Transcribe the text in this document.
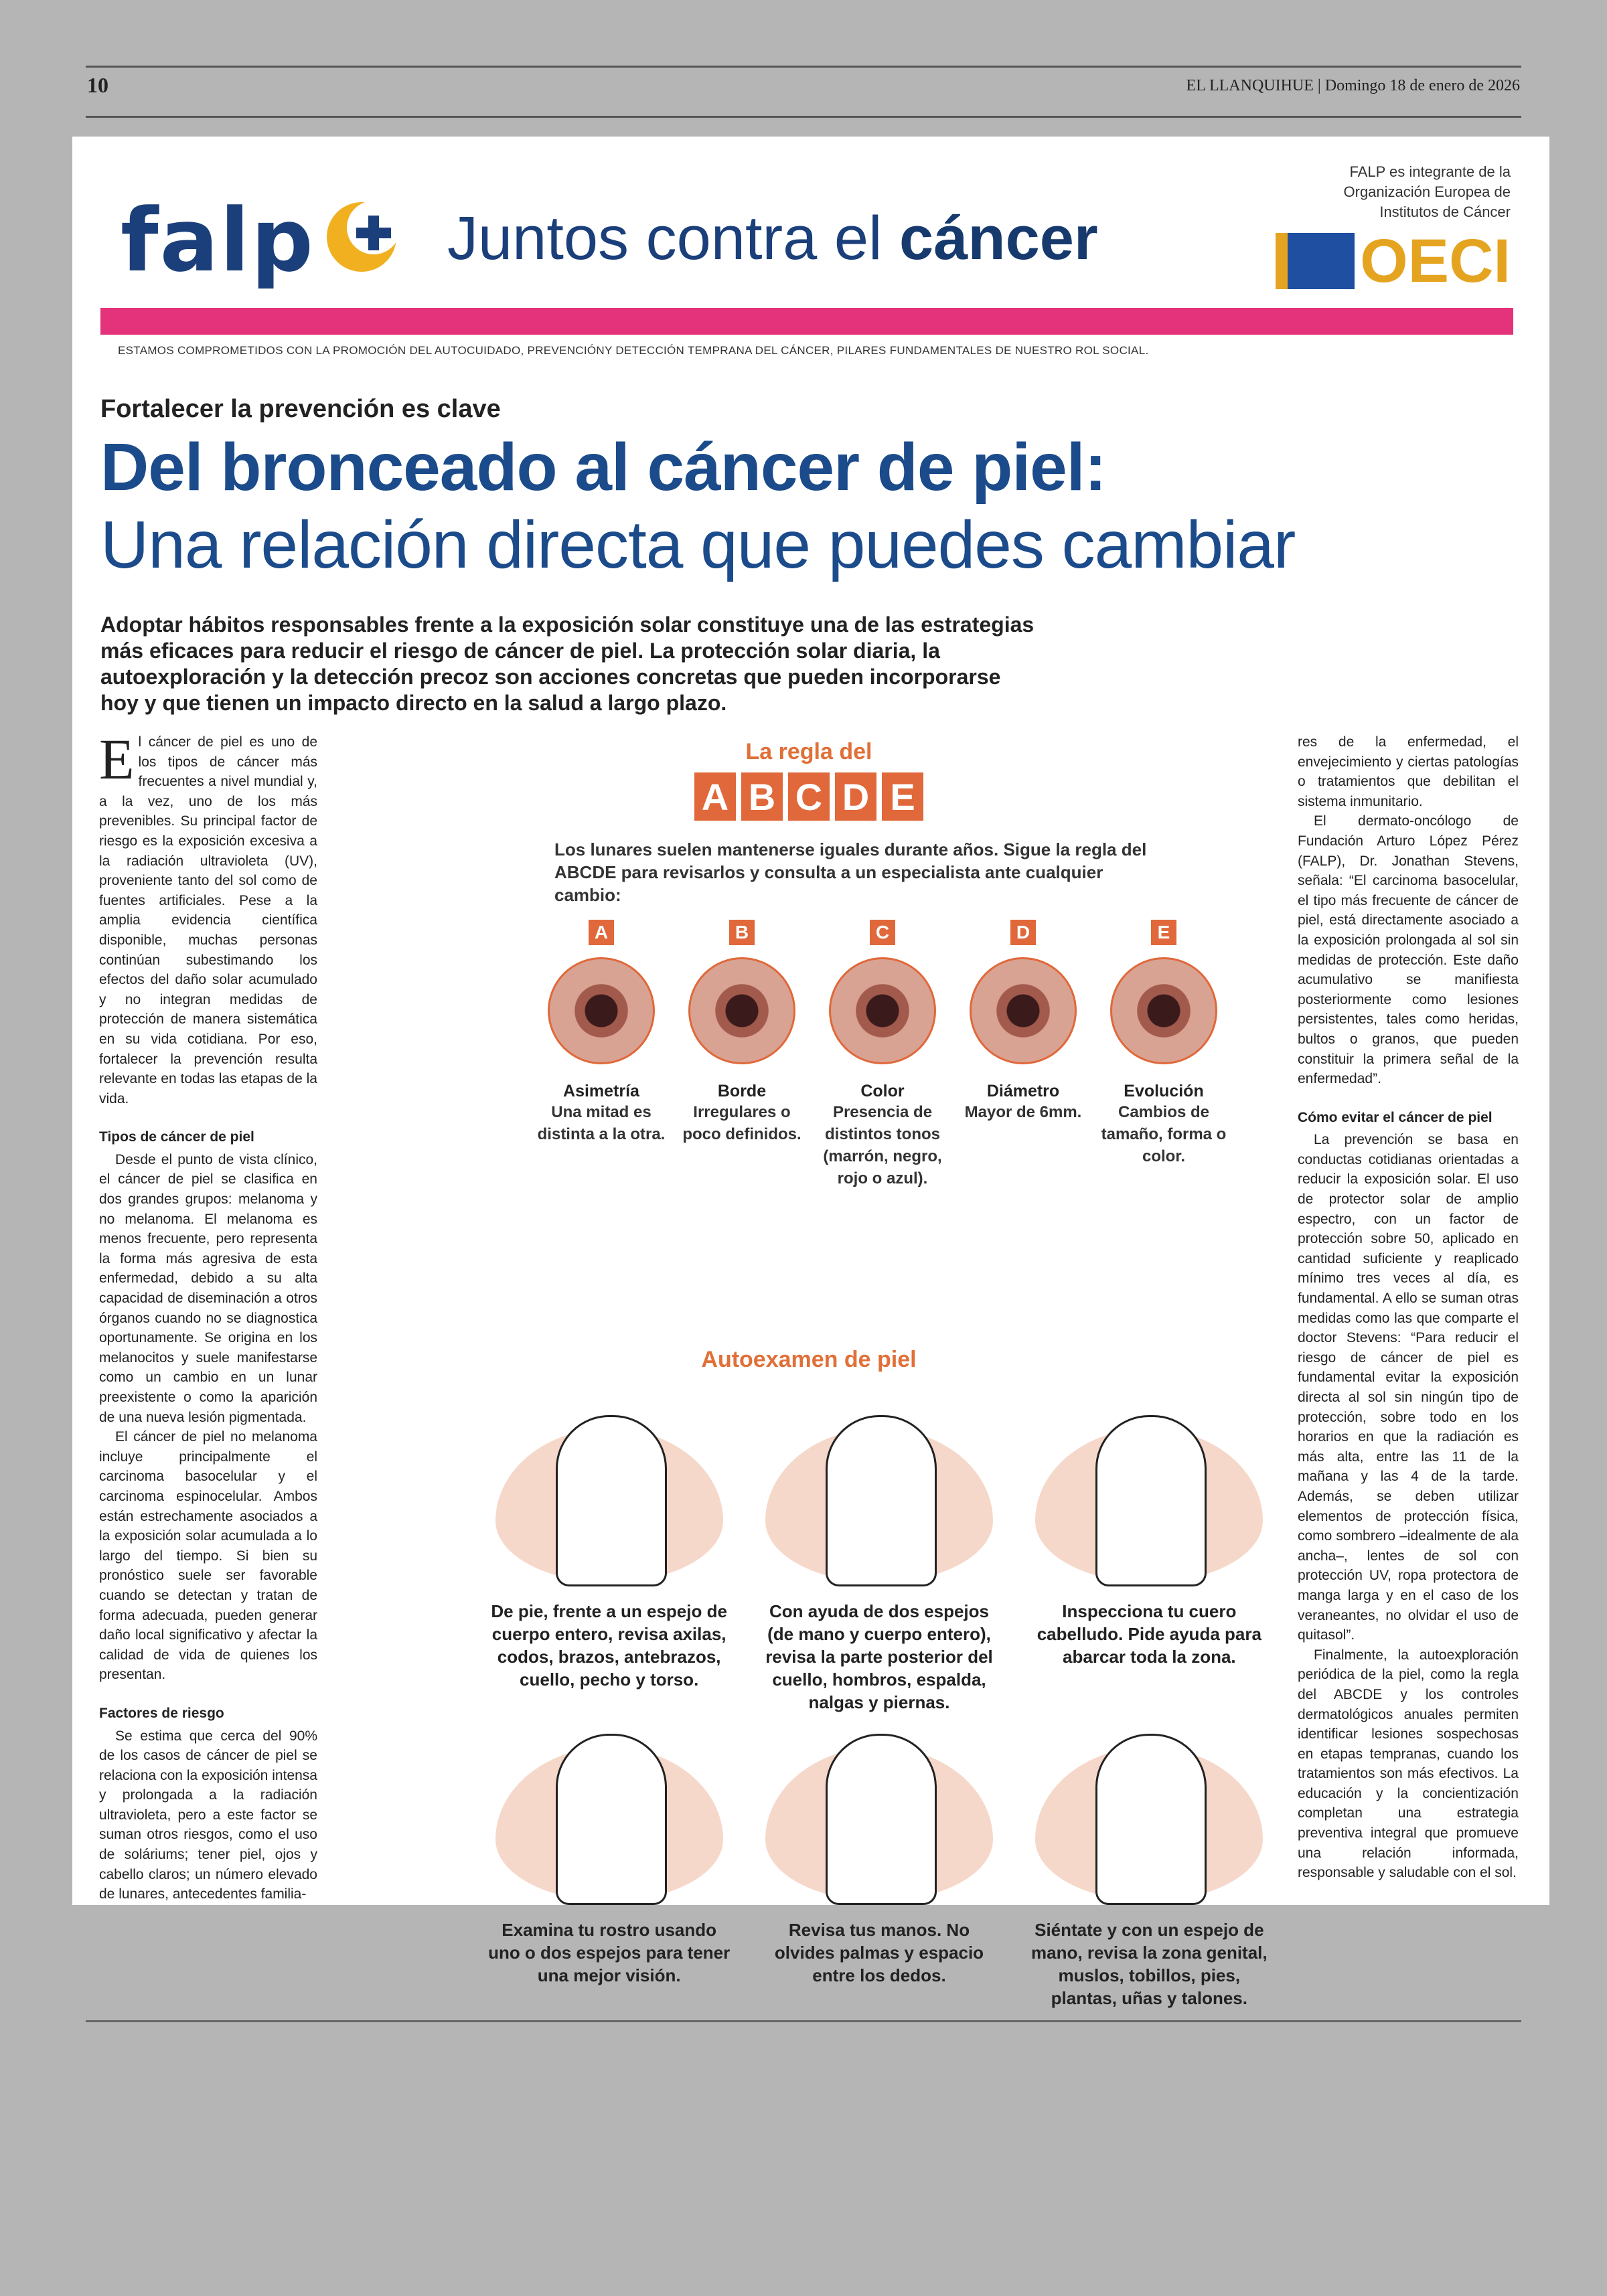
10	EL LLANQUIHUE | Domingo 18 de enero de 2026
falp Juntos contra el cáncer
FALP es integrante de la Organización Europea de Institutos de Cáncer
OECI
ESTAMOS COMPROMETIDOS CON LA PROMOCIÓN DEL AUTOCUIDADO, PREVENCIÓNY DETECCIÓN TEMPRANA DEL CÁNCER, PILARES FUNDAMENTALES DE NUESTRO ROL SOCIAL.
Fortalecer la prevención es clave
Del bronceado al cáncer de piel:
Una relación directa que puedes cambiar
Adoptar hábitos responsables frente a la exposición solar constituye una de las estrategias más eficaces para reducir el riesgo de cáncer de piel. La protección solar diaria, la autoexploración y la detección precoz son acciones concretas que pueden incorporarse hoy y que tienen un impacto directo en la salud a largo plazo.

El cáncer de piel es uno de los tipos de cáncer más frecuentes a nivel mundial y, a la vez, uno de los más prevenibles. Su principal factor de riesgo es la exposición excesiva a la radiación ultravioleta (UV), proveniente tanto del sol como de fuentes artificiales. Pese a la amplia evidencia científica disponible, muchas personas continúan subestimando los efectos del daño solar acumulado y no integran medidas de protección de manera sistemática en su vida cotidiana. Por eso, fortalecer la prevención resulta relevante en todas las etapas de la vida.

Tipos de cáncer de piel

Desde el punto de vista clínico, el cáncer de piel se clasifica en dos grandes grupos: melanoma y no melanoma. El melanoma es menos frecuente, pero representa la forma más agresiva de esta enfermedad, debido a su alta capacidad de diseminación a otros órganos cuando no se diagnostica oportunamente. Se origina en los melanocitos y suele manifestarse como un cambio en un lunar preexistente o como la aparición de una nueva lesión pigmentada.

El cáncer de piel no melanoma incluye principalmente el carcinoma basocelular y el carcinoma espinocelular. Ambos están estrechamente asociados a la exposición solar acumulada a lo largo del tiempo. Si bien su pronóstico suele ser favorable cuando se detectan y tratan de forma adecuada, pueden generar daño local significativo y afectar la calidad de vida de quienes los presentan.

Factores de riesgo

Se estima que cerca del 90% de los casos de cáncer de piel se relaciona con la exposición intensa y prolongada a la radiación ultravioleta, pero a este factor se suman otros riesgos, como el uso de soláriums; tener piel, ojos y cabello claros; un número elevado de lunares, antecedentes familia-

La regla del
A B C D E
Los lunares suelen mantenerse iguales durante años. Sigue la regla del ABCDE para revisarlos y consulta a un especialista ante cualquier cambio:
A
Asimetría
Una mitad es distinta a la otra.
B
Borde
Irregulares o poco definidos.
C
Color
Presencia de distintos tonos (marrón, negro, rojo o azul).
D
Diámetro
Mayor de 6mm.
E
Evolución
Cambios de tamaño, forma o color.
Autoexamen de piel
De pie, frente a un espejo de cuerpo entero, revisa axilas, codos, brazos, antebrazos, cuello, pecho y torso.
Con ayuda de dos espejos (de mano y cuerpo entero), revisa la parte posterior del cuello, hombros, espalda, nalgas y piernas.
Inspecciona tu cuero cabelludo. Pide ayuda para abarcar toda la zona.
Examina tu rostro usando uno o dos espejos para tener una mejor visión.
Revisa tus manos. No olvides palmas y espacio entre los dedos.
Siéntate y con un espejo de mano, revisa la zona genital, muslos, tobillos, pies, plantas, uñas y talones.

res de la enfermedad, el envejecimiento y ciertas patologías o tratamientos que debilitan el sistema inmunitario.

El dermato-oncólogo de Fundación Arturo López Pérez (FALP), Dr. Jonathan Stevens, señala: “El carcinoma basocelular, el tipo más frecuente de cáncer de piel, está directamente asociado a la exposición prolongada al sol sin medidas de protección. Este daño acumulativo se manifiesta posteriormente como lesiones persistentes, tales como heridas, bultos o granos, que pueden constituir la primera señal de la enfermedad”.

Cómo evitar el cáncer de piel

La prevención se basa en conductas cotidianas orientadas a reducir la exposición solar. El uso de protector solar de amplio espectro, con un factor de protección sobre 50, aplicado en cantidad suficiente y reaplicado mínimo tres veces al día, es fundamental. A ello se suman otras medidas como las que comparte el doctor Stevens: “Para reducir el riesgo de cáncer de piel es fundamental evitar la exposición directa al sol sin ningún tipo de protección, sobre todo en los horarios en que la radiación es más alta, entre las 11 de la mañana y las 4 de la tarde. Además, se deben utilizar elementos de protección física, como sombrero –idealmente de ala ancha–, lentes de sol con protección UV, ropa protectora de manga larga y en el caso de los veraneantes, no olvidar el uso de quitasol”.

Finalmente, la autoexploración periódica de la piel, como la regla del ABCDE y los controles dermatológicos anuales permiten identificar lesiones sospechosas en etapas tempranas, cuando los tratamientos son más efectivos. La educación y la concientización completan una estrategia preventiva integral que promueve una relación informada, responsable y saludable con el sol.
